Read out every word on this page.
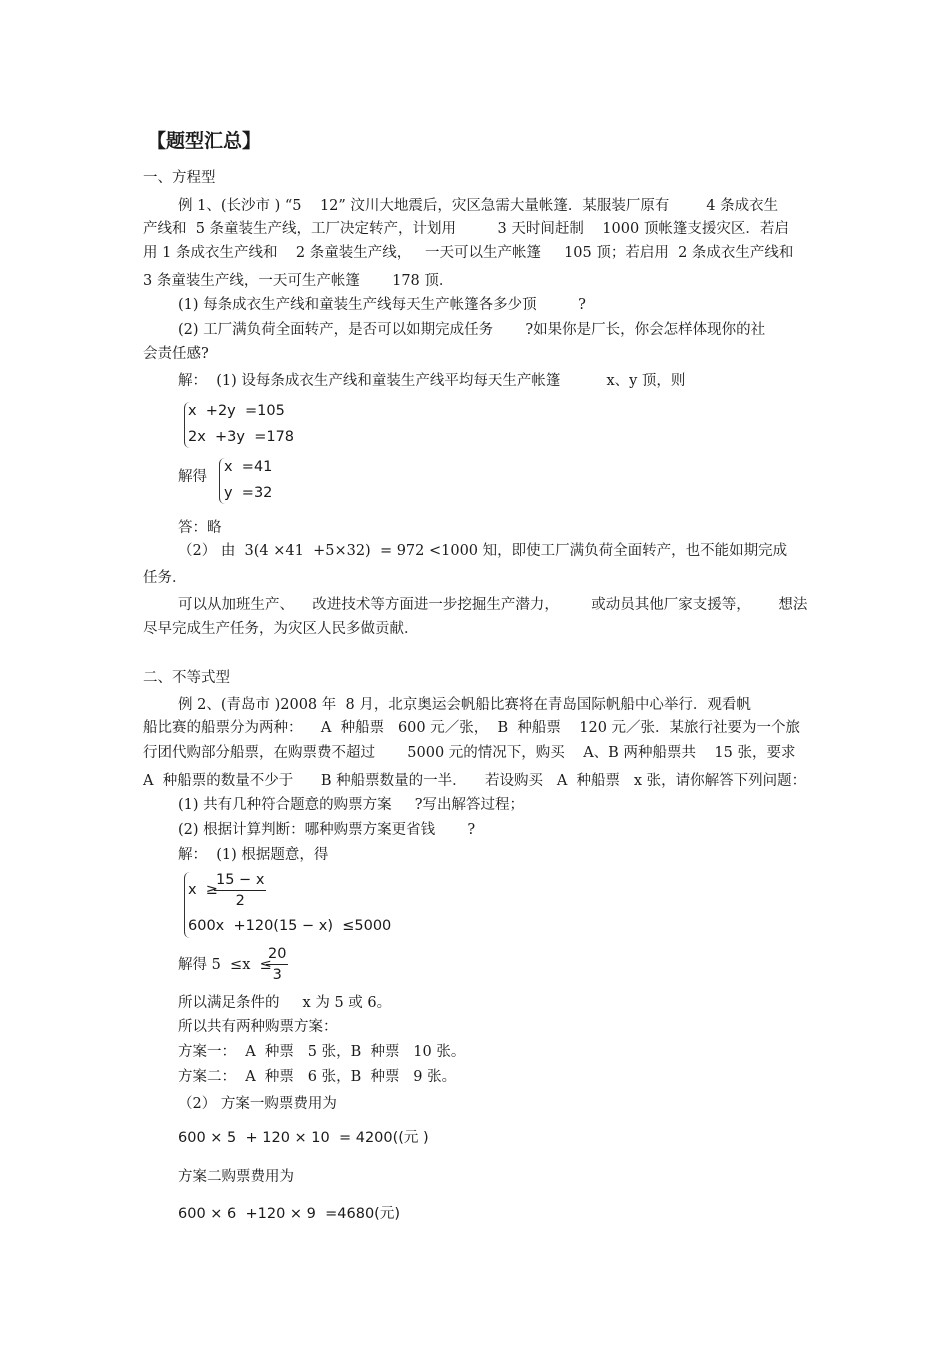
【题型汇总】
一、方程型
例 1、(长沙市 ) “5    12” 汶川大地震后，灾区急需大量帐篷．某服装厂原有        4 条成衣生
产线和  5 条童装生产线，工厂决定转产，计划用         3 天时间赶制    1000 顶帐篷支援灾区．若启
用 1 条成衣生产线和    2 条童装生产线，   一天可以生产帐篷     105 顶；若启用  2 条成衣生产线和
3 条童装生产线，一天可生产帐篷       178 顶．
(1) 每条成衣生产线和童装生产线每天生产帐篷各多少顶         ?
(2) 工厂满负荷全面转产，是否可以如期完成任务       ?如果你是厂长，你会怎样体现你的社
会责任感?
解：  (1) 设每条成衣生产线和童装生产线平均每天生产帐篷          x、y 顶，则
x  +2y  =105
2x  +3y  =178
解得
x  =41
y  =32
答：略
（2） 由  3(4 ×41  +5×32)  = 972 <1000 知，即使工厂满负荷全面转产，也不能如期完成
任务．
可以从加班生产、    改进技术等方面进一步挖掘生产潜力，       或动员其他厂家支援等，      想法
尽早完成生产任务，为灾区人民多做贡献．
二、不等式型
例 2、(青岛市 )2008 年  8 月，北京奥运会帆船比赛将在青岛国际帆船中心举行．观看帆
船比赛的船票分为两种：    A  种船票   600 元／张，  B  种船票    120 元／张．某旅行社要为一个旅
行团代购部分船票，在购票费不超过       5000 元的情况下，购买    A、B 两种船票共    15 张，要求
A  种船票的数量不少于      B 种船票数量的一半．    若设购买   A  种船票   x 张，请你解答下列问题：
(1) 共有几种符合题意的购票方案     ?写出解答过程；
(2) 根据计算判断：哪种购票方案更省钱       ?
解：  (1) 根据题意，得
x  ≥
$\frac{15 - x}{2}$
600x  +120(15 − x)  ≤5000
解得 5  ≤x  ≤
$\frac{20}{3}$
所以满足条件的     x 为 5 或 6。
所以共有两种购票方案：
方案一：  A  种票   5 张，B  种票   10 张。
方案二：  A  种票   6 张，B  种票   9 张。
（2） 方案一购票费用为
600 × 5  + 120 × 10  = 4200((元 )
方案二购票费用为
600 × 6  +120 × 9  =4680(元)
